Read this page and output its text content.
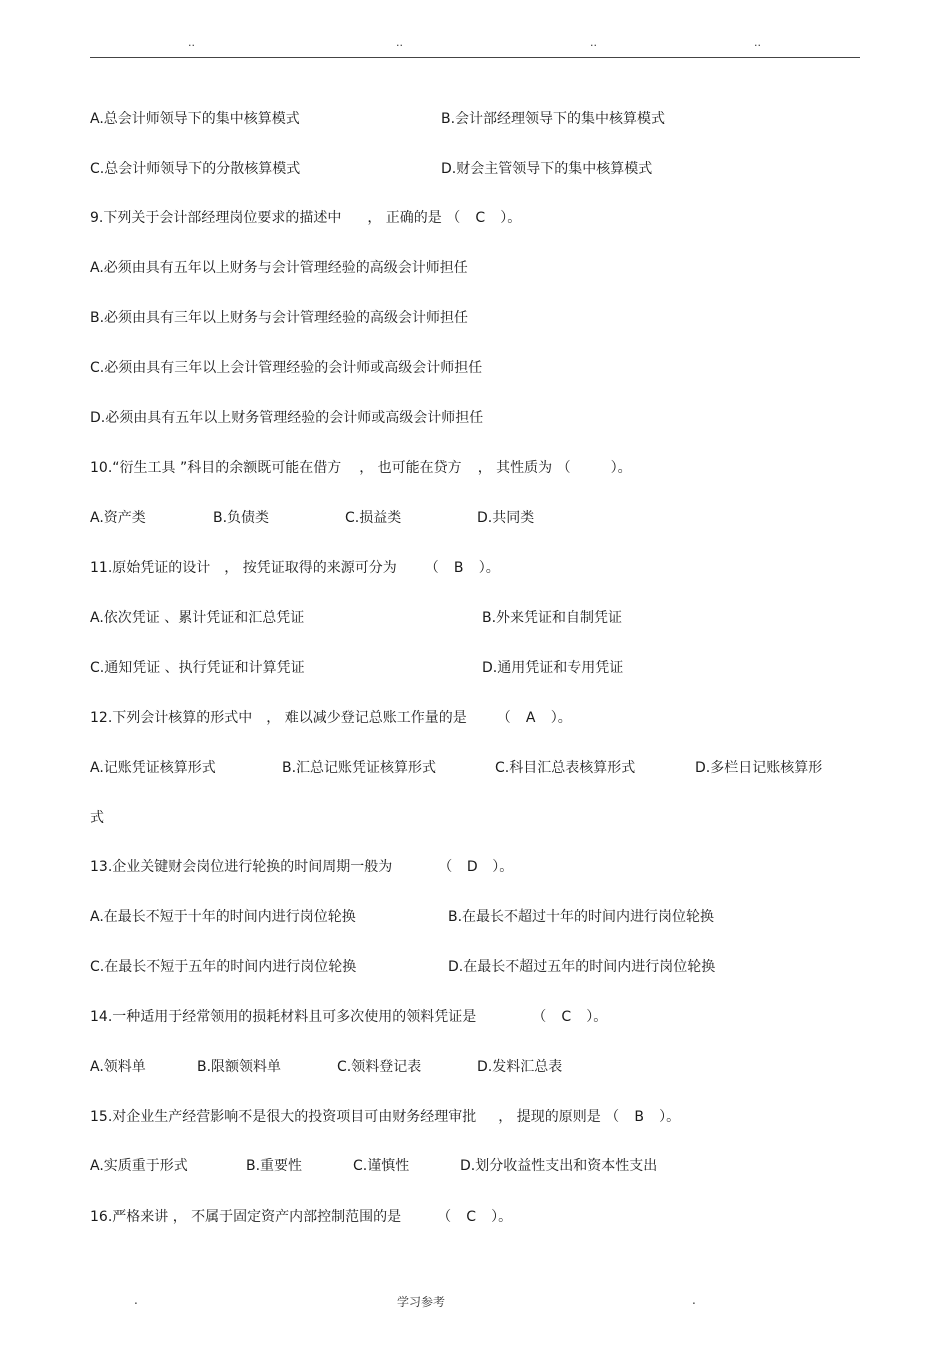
..	..	..	..
A.总会计师领导下的集中核算模式	B.会计部经理领导下的集中核算模式
C.总会计师领导下的分散核算模式	D.财会主管领导下的集中核算模式
9.下列关于会计部经理岗位要求的描述中 ， 正确的是 （ C ）。
A.必须由具有五年以上财务与会计管理经验的高级会计师担任
B.必须由具有三年以上财务与会计管理经验的高级会计师担任
C.必须由具有三年以上会计管理经验的会计师或高级会计师担任
D.必须由具有五年以上财务管理经验的会计师或高级会计师担任
10.“衍生工具 ”科目的余额既可能在借方 ， 也可能在贷方 ， 其性质为 （	）。
A.资产类	B.负债类	C.损益类	D.共同类
11.原始凭证的设计 ， 按凭证取得的来源可分为 （ B ）。
A.依次凭证 、累计凭证和汇总凭证	B.外来凭证和自制凭证
C.通知凭证 、执行凭证和计算凭证	D.通用凭证和专用凭证
12.下列会计核算的形式中 ， 难以减少登记总账工作量的是 （ A ）。
A.记账凭证核算形式	B.汇总记账凭证核算形式	C.科目汇总表核算形式	D.多栏日记账核算形
式
13.企业关键财会岗位进行轮换的时间周期一般为	（ D ）。
A.在最长不短于十年的时间内进行岗位轮换	B.在最长不超过十年的时间内进行岗位轮换
C.在最长不短于五年的时间内进行岗位轮换	D.在最长不超过五年的时间内进行岗位轮换
14.一种适用于经常领用的损耗材料且可多次使用的领料凭证是	（ C ）。
A.领料单	B.限额领料单	C.领料登记表	D.发料汇总表
15.对企业生产经营影响不是很大的投资项目可由财务经理审批 ， 提现的原则是 （ B ）。
A.实质重于形式	B.重要性	C.谨慎性	D.划分收益性支出和资本性支出
16.严格来讲 ， 不属于固定资产内部控制范围的是	（ C ）。
.	学习参考	.
